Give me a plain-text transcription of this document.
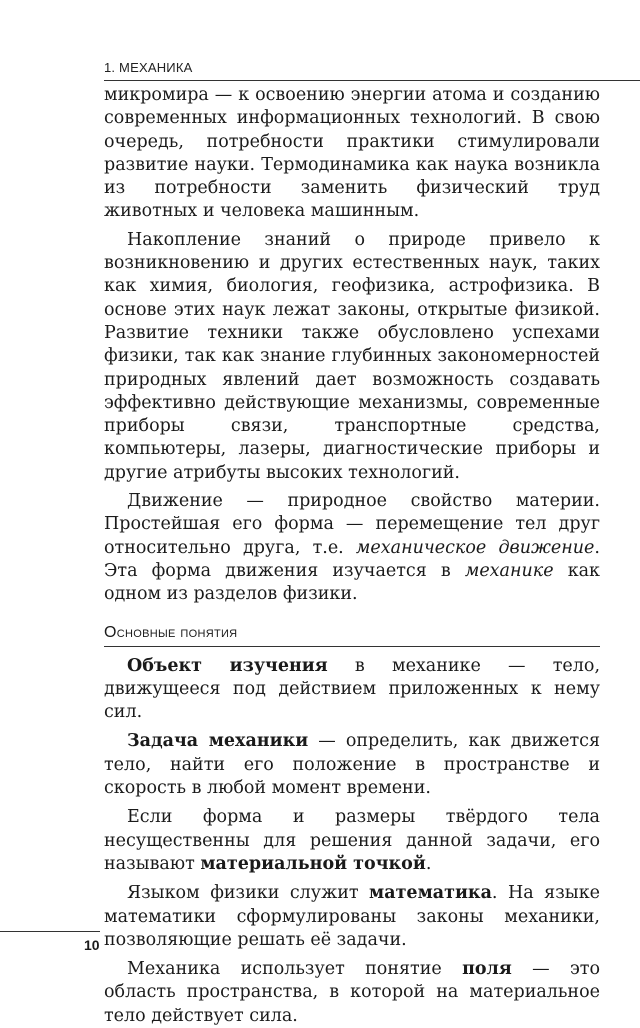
1. МЕХАНИКА

микромира — к освоению энергии атома и созданию современных информационных технологий. В свою очередь, потребности практики стимулировали развитие науки. Термодинамика как наука возникла из потребности заменить физический труд животных и человека машинным.

Накопление знаний о природе привело к возникновению и других естественных наук, таких как химия, биология, геофизика, астрофизика. В основе этих наук лежат законы, открытые физикой. Развитие техники также обусловлено успехами физики, так как знание глубинных закономерностей природных явлений дает возможность создавать эффективно действующие механизмы, современные приборы связи, транспортные средства, компьютеры, лазеры, диагностические приборы и другие атрибуты высоких технологий.

Движение — природное свойство материи. Простейшая его форма — перемещение тел друг относительно друга, т.е. механическое движение. Эта форма движения изучается в механике как одном из разделов физики.

Основные понятия

Объект изучения в механике — тело, движущееся под действием приложенных к нему сил.

Задача механики — определить, как движется тело, найти его положение в пространстве и скорость в любой момент времени.

Если форма и размеры твёрдого тела несущественны для решения данной задачи, его называют материальной точкой.

Языком физики служит математика. На языке математики сформулированы законы механики, позволяющие решать её задачи.

Механика использует понятие поля — это область пространства, в которой на материальное тело действует сила.

10
